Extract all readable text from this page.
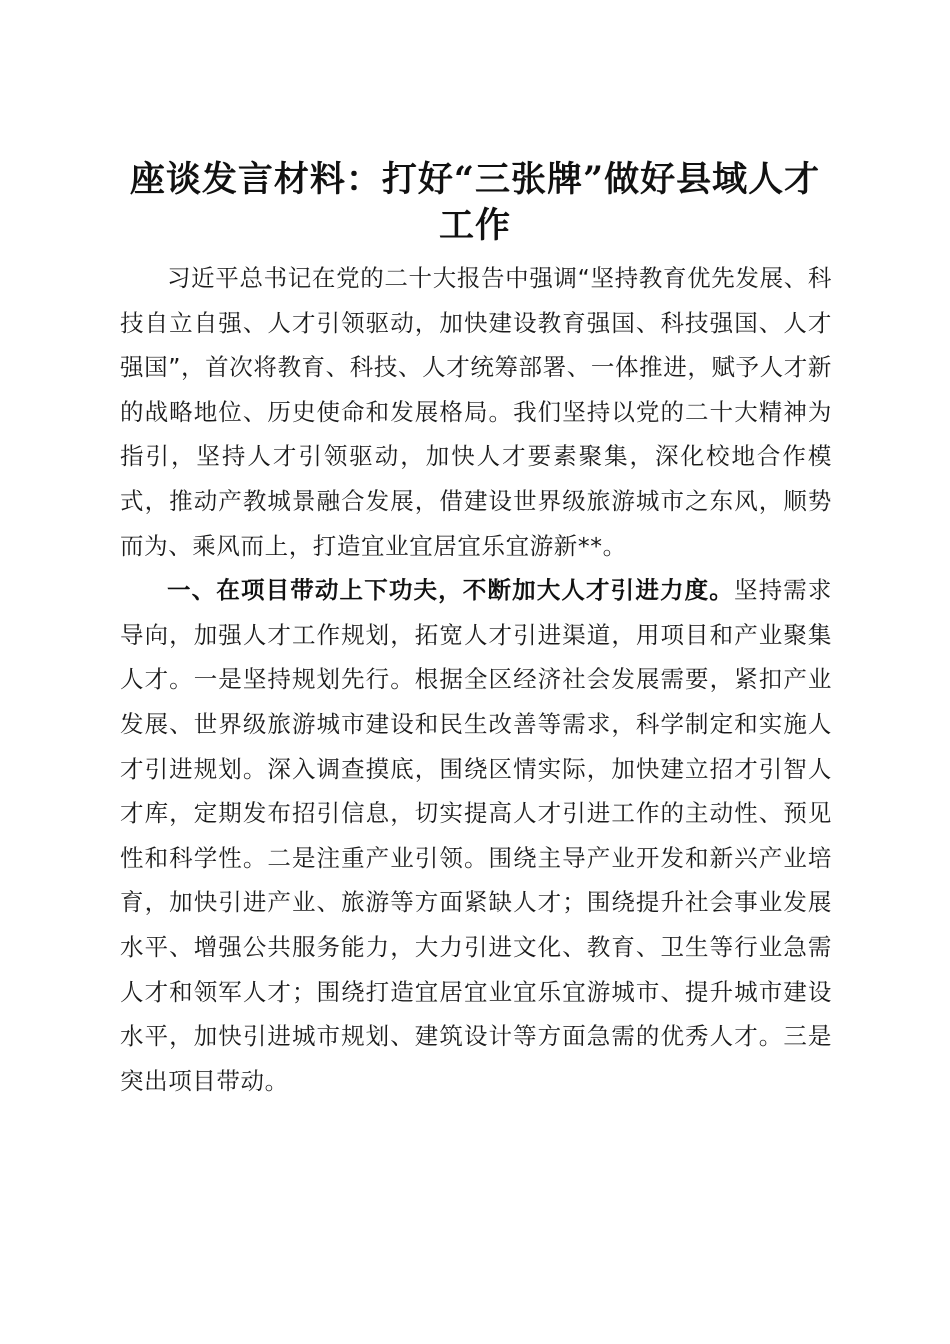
座谈发言材料：打好“三张牌”做好县域人才
工作

习近平总书记在党的二十大报告中强调“坚持教育优先发展、科技自立自强、人才引领驱动，加快建设教育强国、科技强国、人才强国”，首次将教育、科技、人才统筹部署、一体推进，赋予人才新的战略地位、历史使命和发展格局。我们坚持以党的二十大精神为指引，坚持人才引领驱动，加快人才要素聚集，深化校地合作模式，推动产教城景融合发展，借建设世界级旅游城市之东风，顺势而为、乘风而上，打造宜业宜居宜乐宜游新**。

一、在项目带动上下功夫，不断加大人才引进力度。坚持需求导向，加强人才工作规划，拓宽人才引进渠道，用项目和产业聚集人才。一是坚持规划先行。根据全区经济社会发展需要，紧扣产业发展、世界级旅游城市建设和民生改善等需求，科学制定和实施人才引进规划。深入调查摸底，围绕区情实际，加快建立招才引智人才库，定期发布招引信息，切实提高人才引进工作的主动性、预见性和科学性。二是注重产业引领。围绕主导产业开发和新兴产业培育，加快引进产业、旅游等方面紧缺人才；围绕提升社会事业发展水平、增强公共服务能力，大力引进文化、教育、卫生等行业急需人才和领军人才；围绕打造宜居宜业宜乐宜游城市、提升城市建设水平，加快引进城市规划、建筑设计等方面急需的优秀人才。三是突出项目带动。
